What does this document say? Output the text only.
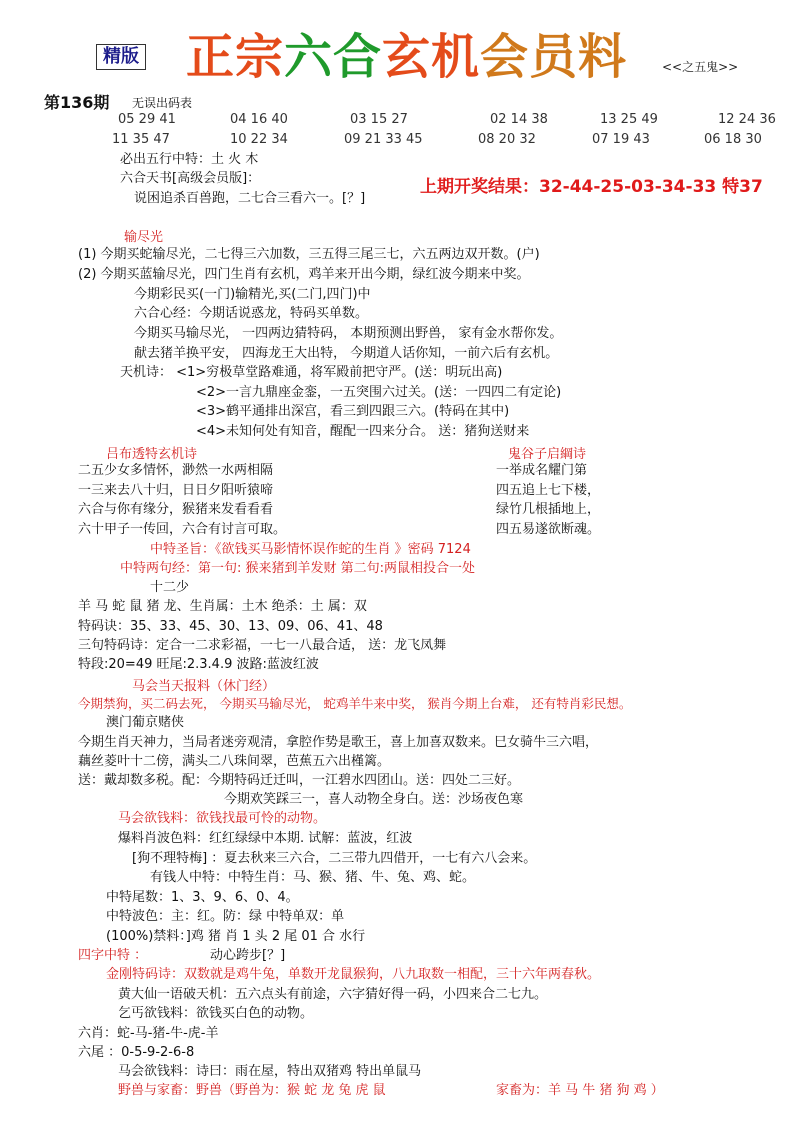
精版 正宗六合玄机会员料	<<之五鬼>>
第136期 无误出码表
05 29 41	04 16 40	03 15 27	02 14 38	13 25 49	12 24 36
11 35 47	10 22 34	09 21 33 45	08 20 32	07 19 43	06 18 30
必出五行中特：土 火 木
六合天书[高级会员版]：
说困追杀百兽跑，二七合三看六一。[？]
上期开奖结果：32-44-25-03-34-33 特37
输尽光
(1) 今期买蛇输尽光，二七得三六加数，三五得三尾三七，六五两边双开数。(户)
(2) 今期买蓝输尽光，四门生肖有玄机，鸡羊来开出今期，绿红波今期来中奖。
今期彩民买(一门)输精光,买(二门,四门)中
六合心经：今期话说惑龙，特码买单数。
今期买马输尽光， 一四两边猜特码， 本期预测出野兽， 家有金水帮你发。
献去猪羊换平安， 四海龙王大出特， 今期道人话你知，一前六后有玄机。
天机诗： <1>穷极草堂路难通，将军殿前把守严。(送：明玩出高)
<2>一言九鼎座金銮，一五突围六过关。(送：一四四二有定论)
<3>鹤平通排出深宫，看三到四跟三六。(特码在其中)
<4>未知何处有知音，醒配一四来分合。 送：猪狗送财来
吕布透特玄机诗	鬼谷子启綱诗
二五少女多情怀，渺然一水两相隔	一举成名耀门第
一三来去八十归，日日夕阳听猿啼	四五追上七下楼，
六合与你有缘分，猴猪来发看看看	绿竹几根插地上，
六十甲子一传回，六合有讨言可取。	四五易遂欲断魂。
中特圣旨：《欲钱买马影情怀误作蛇的生肖 》密码 7124
中特两句经：第一句: 猴来猪到羊发财 第二句:两鼠相投合一处
十二少
羊 马 蛇 鼠 猪 龙、生肖属：土木 绝杀：土 属：双
特码诀：35、33、45、30、13、09、06、41、48
三句特码诗：定合一二求彩福，一七一八最合适， 送：龙飞凤舞
特段:20=49 旺尾:2.3.4.9 波路:蓝波红波
马会当天报料（休门经）
今期禁狗，买二码去死， 今期买马输尽光， 蛇鸡羊牛来中奖， 猴肖今期上台难， 还有特肖彩民想。
澳门葡京赌侠
今期生肖天神力，当局者迷旁观清，拿腔作势是歌王，喜上加喜双数来。巳女骑牛三六唱，
藕丝菱叶十二傍，满头二八珠间翠，芭蕉五六出槿篱。
送：戴却数多税。配：今期特码迁迁叫，一江碧水四团山。送：四处二三好。
今期欢笑踩三一，喜人动物全身白。送：沙场夜色寒
马会欲钱料：欲钱找最可怜的动物。
爆料肖波色料：红红绿绿中本期. 试解：蓝波，红波
[狗不理特梅] ：夏去秋来三六合，二三带九四借开，一七有六八会来。
有钱人中特：中特生肖：马、猴、猪、牛、兔、鸡、蛇。
中特尾数：1、3、9、6、0、4。
中特波色：主：红。防：绿 中特单双：单
(100%)禁料：]鸡 猪 肖 1 头 2 尾 01 合 水行
四字中特 ：	动心跨步[？]
金刚特码诗：双数就是鸡牛兔，单数开龙鼠猴狗，八九取数一相配，三十六年两春秋。
黄大仙一语破天机：五六点头有前途，六字猜好得一码，小四来合二七九。
乞丐欲钱料：欲钱买白色的动物。
六肖：蛇-马-猪-牛-虎-羊
六尾 ：0-5-9-2-6-8
马会欲钱料：诗曰：雨在屋，特出双猪鸡 特出单鼠马
野兽与家畜：野兽（野兽为：猴 蛇 龙 兔 虎 鼠	家畜为：羊 马 牛 猪 狗 鸡 ）
